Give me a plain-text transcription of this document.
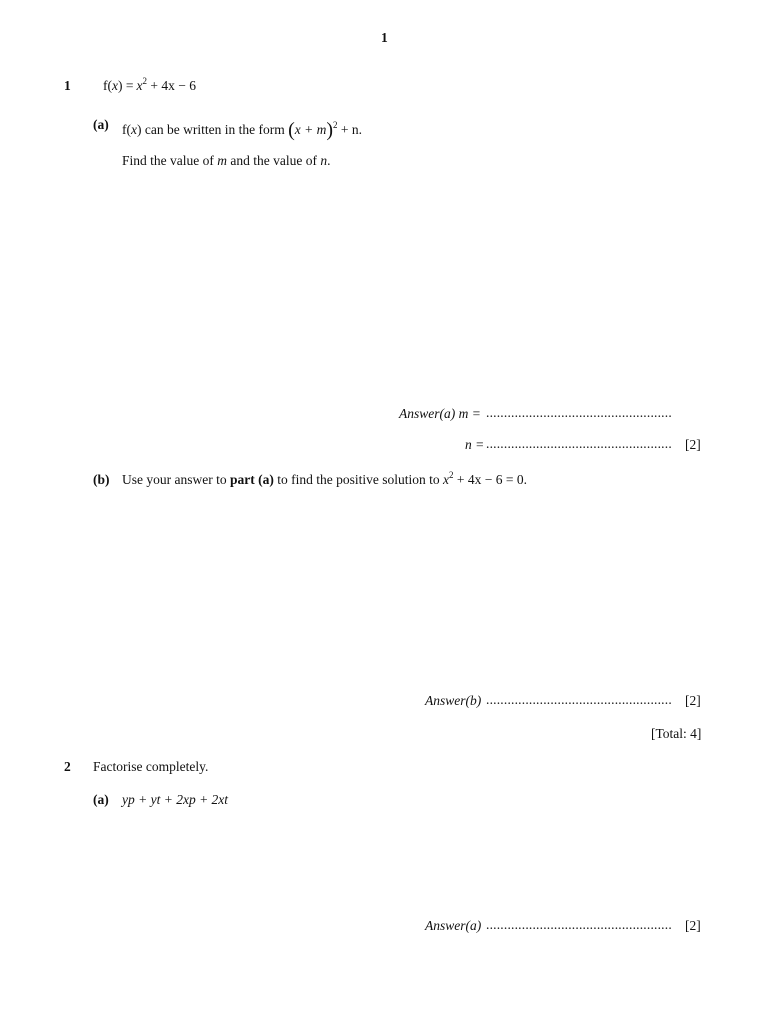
1
1 $f(x) = x^2 + 4x - 6$
(a) f(x) can be written in the form $(x + m)^2 + n$.
Find the value of m and the value of n.
Answer(a) m = ....................................................
n = .................................................... [2]
(b) Use your answer to part (a) to find the positive solution to $x^2 + 4x - 6 = 0$.
Answer(b) .................................................... [2]
[Total: 4]
2 Factorise completely.
(a) yp + yt + 2xp + 2xt
Answer(a) .................................................... [2]
